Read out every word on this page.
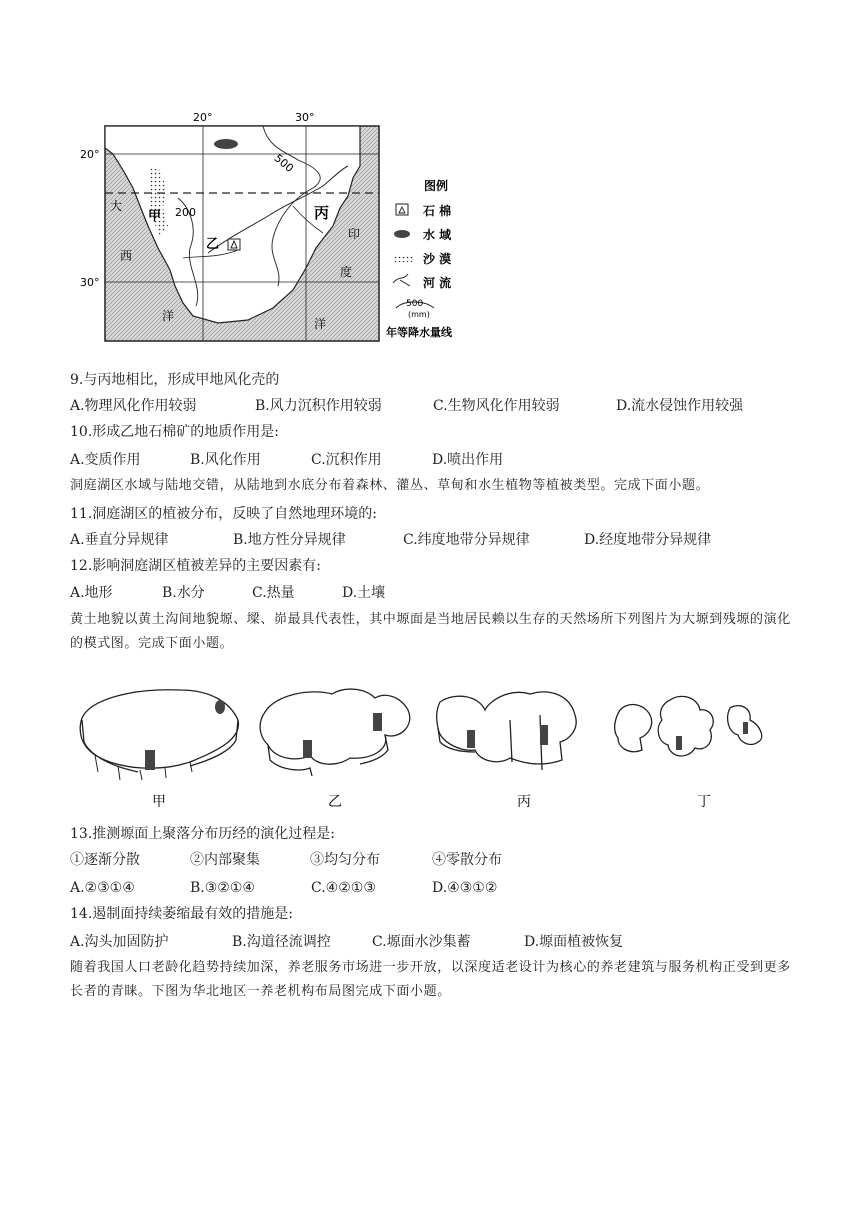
20°	30°
20°
30°
500
200
甲
乙
丙
大
西
洋
印
度
洋
图例
石 棉
水 域
沙 漠
河 流
500
(mm)
年等降水量线
9.与丙地相比，形成甲地风化壳的
A.物理风化作用较弱	B.风力沉积作用较弱	C.生物风化作用较弱	D.流水侵蚀作用较强
10.形成乙地石棉矿的地质作用是:
A.变质作用	B.风化作用	C.沉积作用	D.喷出作用
洞庭湖区水域与陆地交错，从陆地到水底分布着森林、灌丛、草甸和水生植物等植被类型。完成下面小题。
11.洞庭湖区的植被分布，反映了自然地理环境的:
A.垂直分异规律	B.地方性分异规律	C.纬度地带分异规律	D.经度地带分异规律
12.影响洞庭湖区植被差异的主要因素有:
A.地形	B.水分	C.热量	D.土壤
黄土地貌以黄土沟间地貌塬、墚、峁最具代表性，其中塬面是当地居民赖以生存的天然场所下列图片为大塬到残塬的演化的模式图。完成下面小题。
甲	乙	丙	丁
13.推测塬面上聚落分布历经的演化过程是:
①逐渐分散	②内部聚集	③均匀分布	④零散分布
A.②③①④	B.③②①④	C.④②①③	D.④③①②
14.遏制面持续萎缩最有效的措施是:
A.沟头加固防护	B.沟道径流调控	C.塬面水沙集蓄	D.塬面植被恢复
随着我国人口老龄化趋势持续加深，养老服务市场进一步开放，以深度适老设计为核心的养老建筑与服务机构正受到更多长者的青睐。下图为华北地区一养老机构布局图完成下面小题。
